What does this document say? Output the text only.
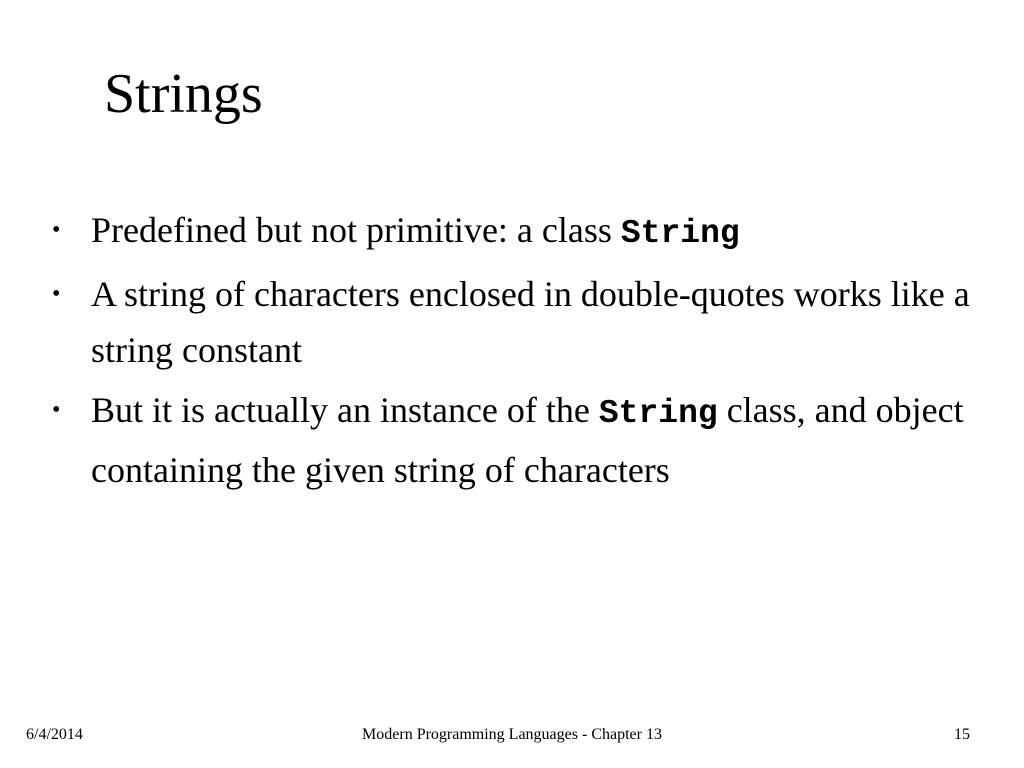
Strings
• Predefined but not primitive: a class String
• A string of characters enclosed in double-quotes works like a string constant
• But it is actually an instance of the String class, and object containing the given string of characters
6/4/2014	Modern Programming Languages - Chapter 13	15
